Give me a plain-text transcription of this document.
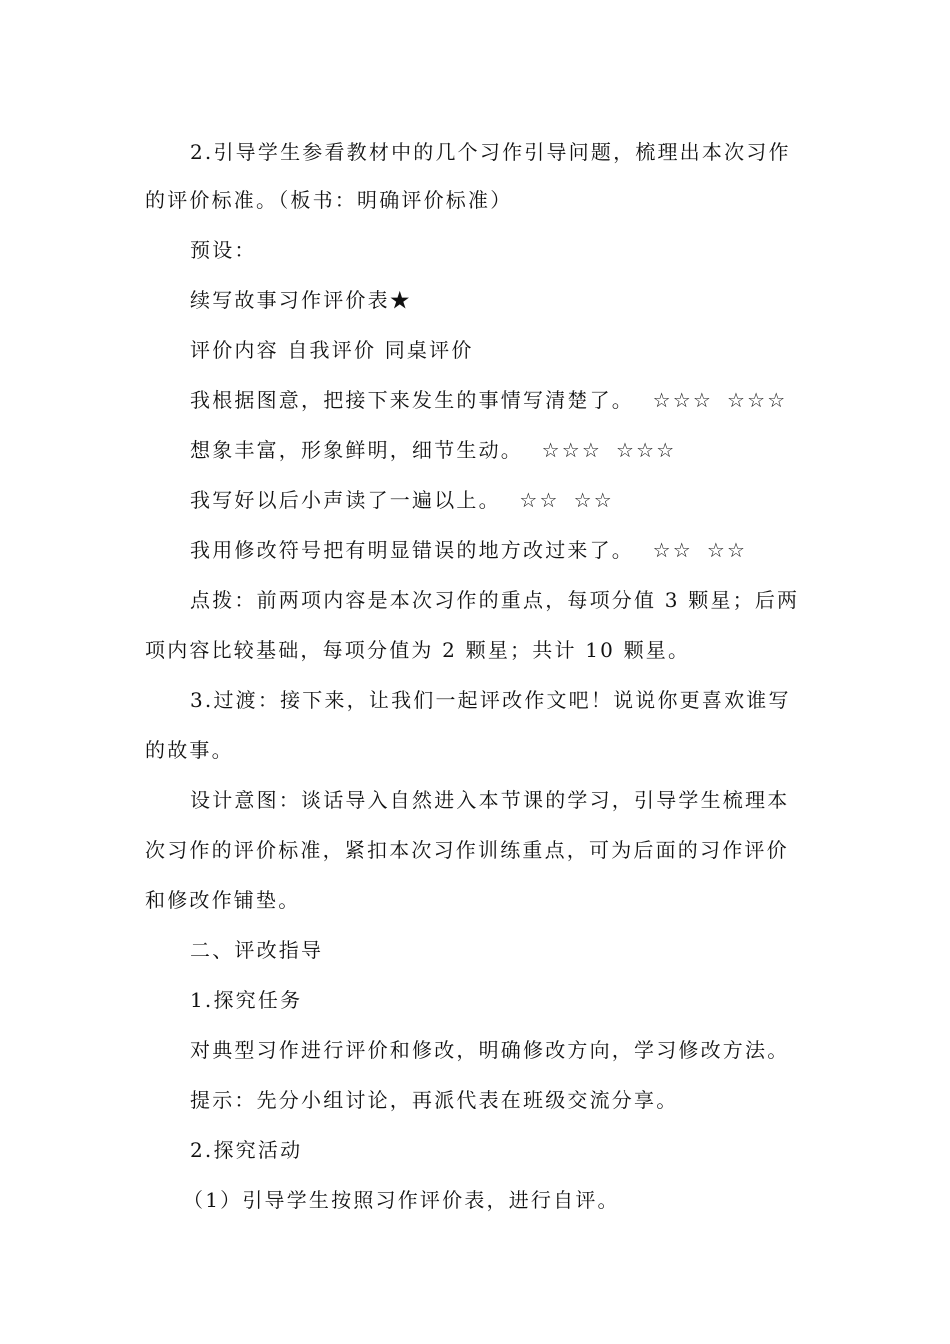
2.引导学生参看教材中的几个习作引导问题，梳理出本次习作
的评价标准。（板书：明确评价标准）
预设：
续写故事习作评价表★
评价内容 自我评价 同桌评价
我根据图意，把接下来发生的事情写清楚了。 ☆☆☆ ☆☆☆
想象丰富，形象鲜明，细节生动。 ☆☆☆ ☆☆☆
我写好以后小声读了一遍以上。 ☆☆ ☆☆
我用修改符号把有明显错误的地方改过来了。 ☆☆ ☆☆
点拨：前两项内容是本次习作的重点，每项分值 3 颗星；后两
项内容比较基础，每项分值为 2 颗星；共计 10 颗星。
3.过渡：接下来，让我们一起评改作文吧！说说你更喜欢谁写
的故事。
设计意图：谈话导入自然进入本节课的学习，引导学生梳理本
次习作的评价标准，紧扣本次习作训练重点，可为后面的习作评价
和修改作铺垫。
二、评改指导
1.探究任务
对典型习作进行评价和修改，明确修改方向，学习修改方法。
提示：先分小组讨论，再派代表在班级交流分享。
2.探究活动
（1）引导学生按照习作评价表，进行自评。
